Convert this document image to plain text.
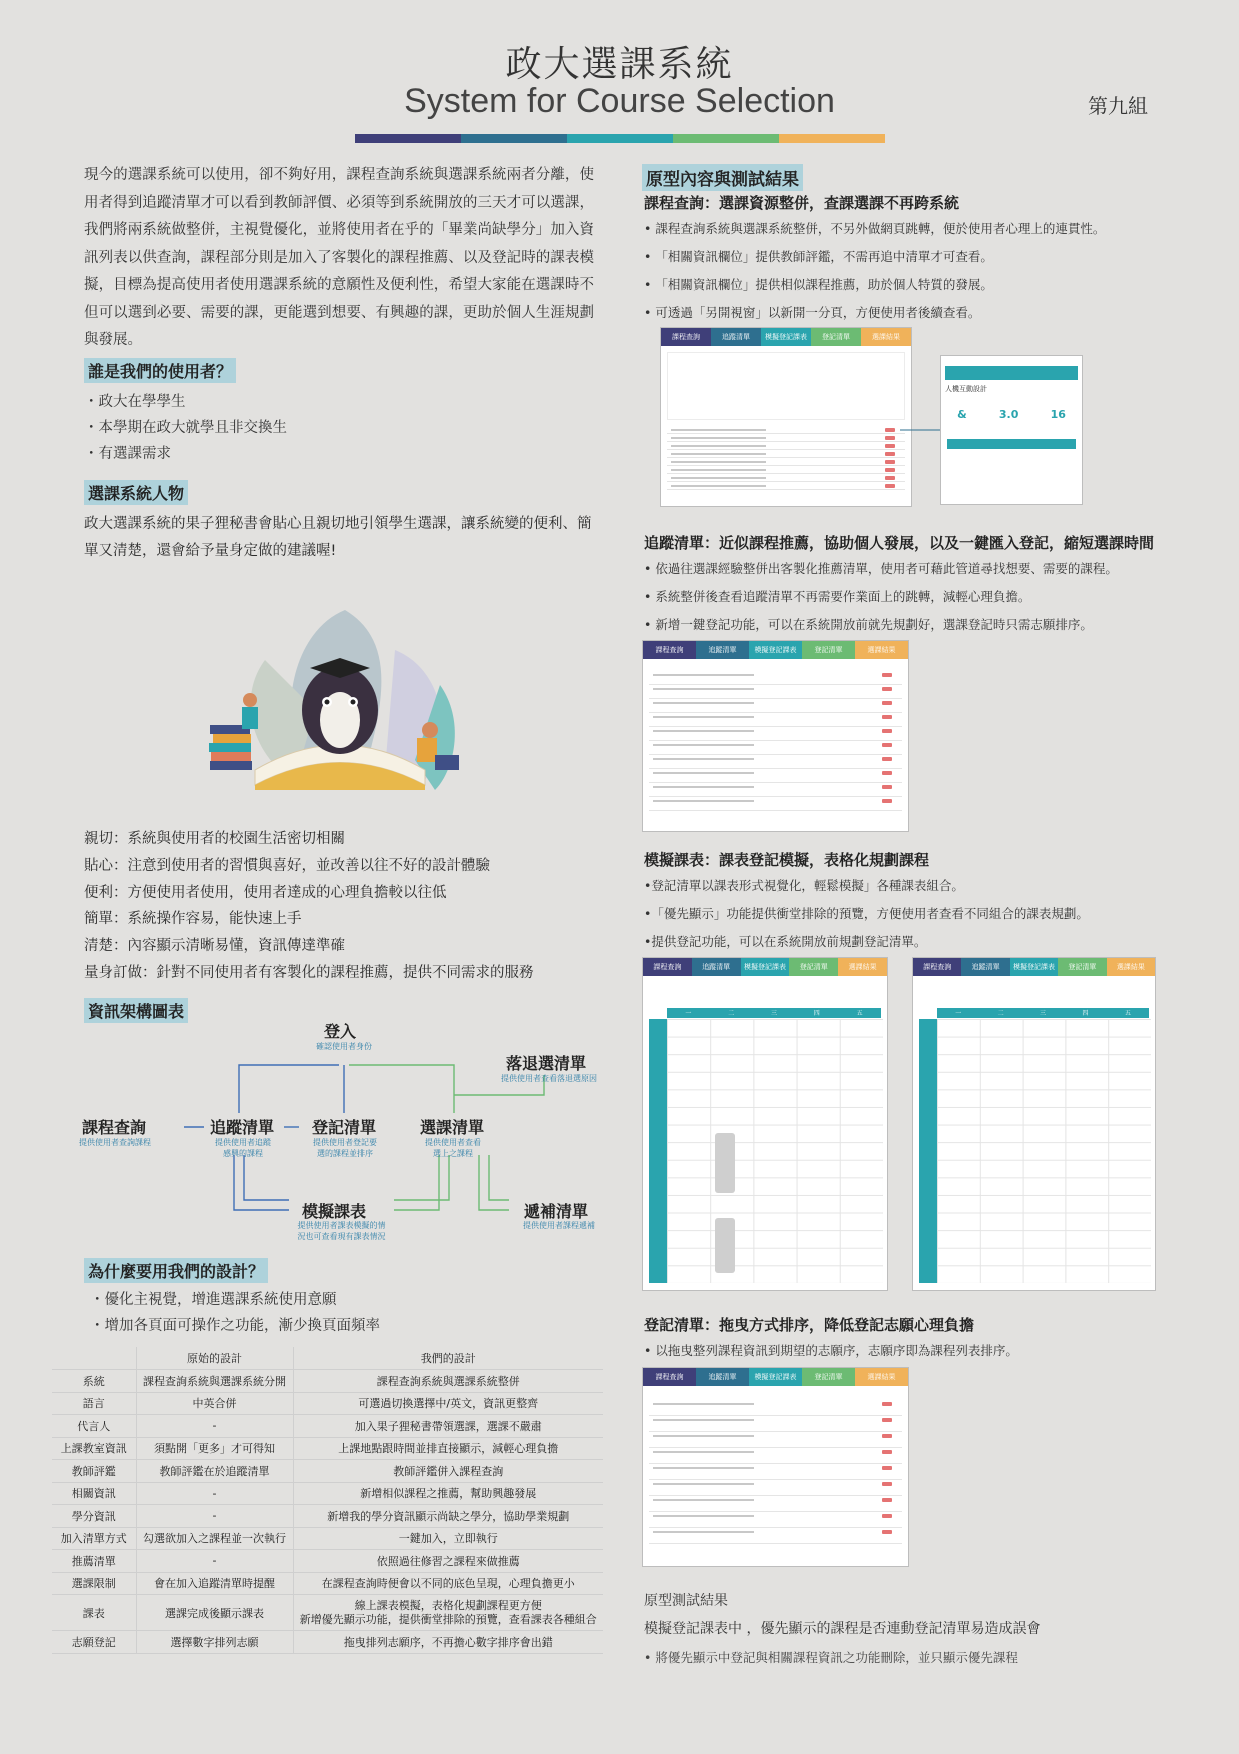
政大選課系統
System for Course Selection	第九組
現今的選課系統可以使用，卻不夠好用，課程查詢系統與選課系統兩者分離，使用者得到追蹤清單才可以看到教師評價、必須等到系統開放的三天才可以選課，我們將兩系統做整併，主視覺優化，並將使用者在乎的「畢業尚缺學分」加入資訊列表以供查詢，課程部分則是加入了客製化的課程推薦、以及登記時的課表模擬，目標為提高使用者使用選課系統的意願性及便利性，希望大家能在選課時不但可以選到必要、需要的課，更能選到想要、有興趣的課，更助於個人生涯規劃與發展。
誰是我們的使用者？
・政大在學學生
・本學期在政大就學且非交換生
・有選課需求
選課系統人物
政大選課系統的果子狸秘書會貼心且親切地引領學生選課，讓系統變的便利、簡單又清楚，還會給予量身定做的建議喔!
親切：系統與使用者的校園生活密切相關
貼心：注意到使用者的習慣與喜好，並改善以往不好的設計體驗
便利：方便使用者使用，使用者達成的心理負擔較以往低
簡單：系統操作容易，能快速上手
清楚：內容顯示清晰易懂，資訊傳達準確
量身訂做：針對不同使用者有客製化的課程推薦，提供不同需求的服務
資訊架構圖表
登入
確認使用者身份
落退選清單
提供使用者查看落退選原因
課程查詢
提供使用者查詢課程
追蹤清單
提供使用者追蹤
感興的課程
登記清單
提供使用者登記要
選的課程並排序
選課清單
提供使用者查看
選上之課程
模擬課表
提供使用者課表模擬的情
況也可查看現有課表情況
遞補清單
提供使用者課程遞補
為什麼要用我們的設計？
・優化主視覺，增進選課系統使用意願
・增加各頁面可操作之功能，漸少換頁面頻率
	原始的設計	我們的設計
系統	課程查詢系統與選課系統分開	課程查詢系統與選課系統整併
語言	中英合併	可選過切換選擇中/英文，資訊更整齊
代言人	-	加入果子狸秘書帶領選課，選課不嚴肅
上課教室資訊	須點開「更多」才可得知	上課地點跟時間並排直接顯示，減輕心理負擔
教師評鑑	教師評鑑在於追蹤清單	教師評鑑併入課程查詢
相關資訊	-	新增相似課程之推薦，幫助興趣發展
學分資訊	-	新增我的學分資訊顯示尚缺之學分，協助學業規劃
加入清單方式	勾選欲加入之課程並一次執行	一鍵加入，立即執行
推薦清單	-	依照過往修習之課程來做推薦
選課限制	會在加入追蹤清單時提醒	在課程查詢時便會以不同的底色呈現，心理負擔更小
課表	選課完成後顯示課表	線上課表模擬，表格化規劃課程更方便
新增優先顯示功能，提供衝堂排除的預覽，查看課表各種組合
志願登記	選擇數字排列志願	拖曳排列志願序，不再擔心數字排序會出錯
原型內容與測試結果
課程查詢：選課資源整併，查課選課不再跨系統
• 課程查詢系統與選課系統整併，不另外做網頁跳轉，便於使用者心理上的連貫性。
• 「相關資訊欄位」提供教師評鑑，不需再追中清單才可查看。
• 「相關資訊欄位」提供相似課程推薦，助於個人特質的發展。
• 可透過「另開視窗」以新開一分頁，方便使用者後續查看。
課程查詢	追蹤清單	模擬登記課表	登記清單	選課結果
人機互動設計
&	3.0	16
追蹤清單：近似課程推薦，協助個人發展，以及一鍵匯入登記，縮短選課時間
• 依過往選課經驗整併出客製化推薦清單，使用者可藉此管道尋找想要、需要的課程。
• 系統整併後查看追蹤清單不再需要作業面上的跳轉，減輕心理負擔。
• 新增一鍵登記功能，可以在系統開放前就先規劃好，選課登記時只需志願排序。
課程查詢	追蹤清單	模擬登記課表	登記清單	選課結果
模擬課表：課表登記模擬，表格化規劃課程
•登記清單以課表形式視覺化，輕鬆模擬」各種課表組合。
•「優先顯示」功能提供衝堂排除的預覽，方便使用者查看不同組合的課表規劃。
•提供登記功能，可以在系統開放前規劃登記清單。
課程查詢	追蹤清單	模擬登記課表	登記清單	選課結果
一	二	三	四	五
課程查詢	追蹤清單	模擬登記課表	登記清單	選課結果
一	二	三	四	五
登記清單：拖曳方式排序，降低登記志願心理負擔
• 以拖曳整列課程資訊到期望的志願序，志願序即為課程列表排序。
課程查詢	追蹤清單	模擬登記課表	登記清單	選課結果
原型測試結果
模擬登記課表中 ，優先顯示的課程是否連動登記清單易造成誤會
• 將優先顯示中登記與相關課程資訊之功能刪除，並只顯示優先課程
